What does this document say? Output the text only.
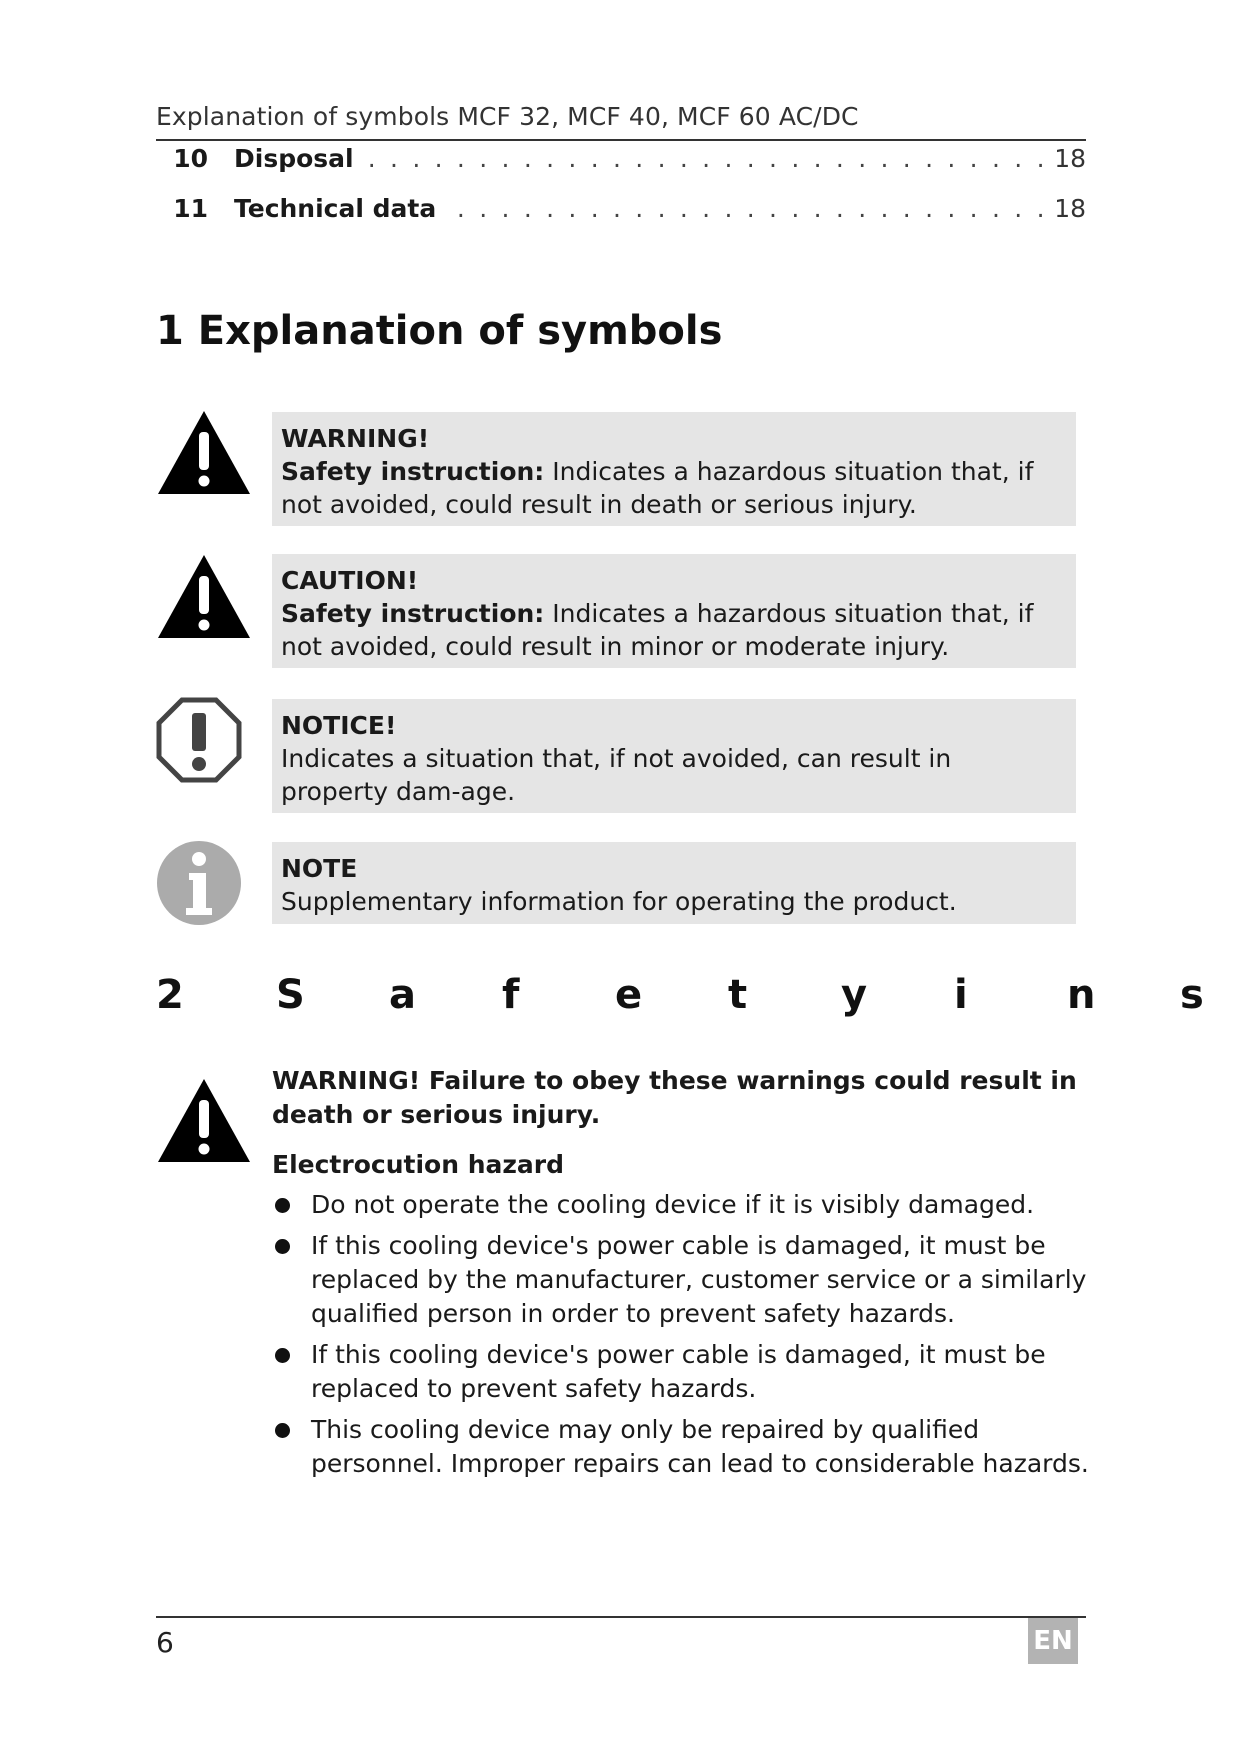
Explanation of symbols MCF 32, MCF 40, MCF 60 AC/DC
. . .
10 Disposal	18
. . .
11 Technical data	18
1 Explanation of symbols
WARNING!
Safety instruction: Indicates a hazardous situation that, if not avoided, could result in death or serious injury.
CAUTION!
Safety instruction: Indicates a hazardous situation that, if not avoided, could result in minor or moderate injury.
NOTICE!
Indicates a situation that, if not avoided, can result in property dam-age.
NOTE
Supplementary information for operating the product.
2 S a f e t y i n s
WARNING! Failure to obey these warnings could result in death or serious injury.
Electrocution hazard
Do not operate the cooling device if it is visibly damaged.
If this cooling device's power cable is damaged, it must be replaced by the manufacturer, customer service or a similarly qualified person in order to prevent safety hazards.
If this cooling device's power cable is damaged, it must be replaced to prevent safety hazards.
This cooling device may only be repaired by qualified personnel. Improper repairs can lead to considerable hazards.
6	EN
